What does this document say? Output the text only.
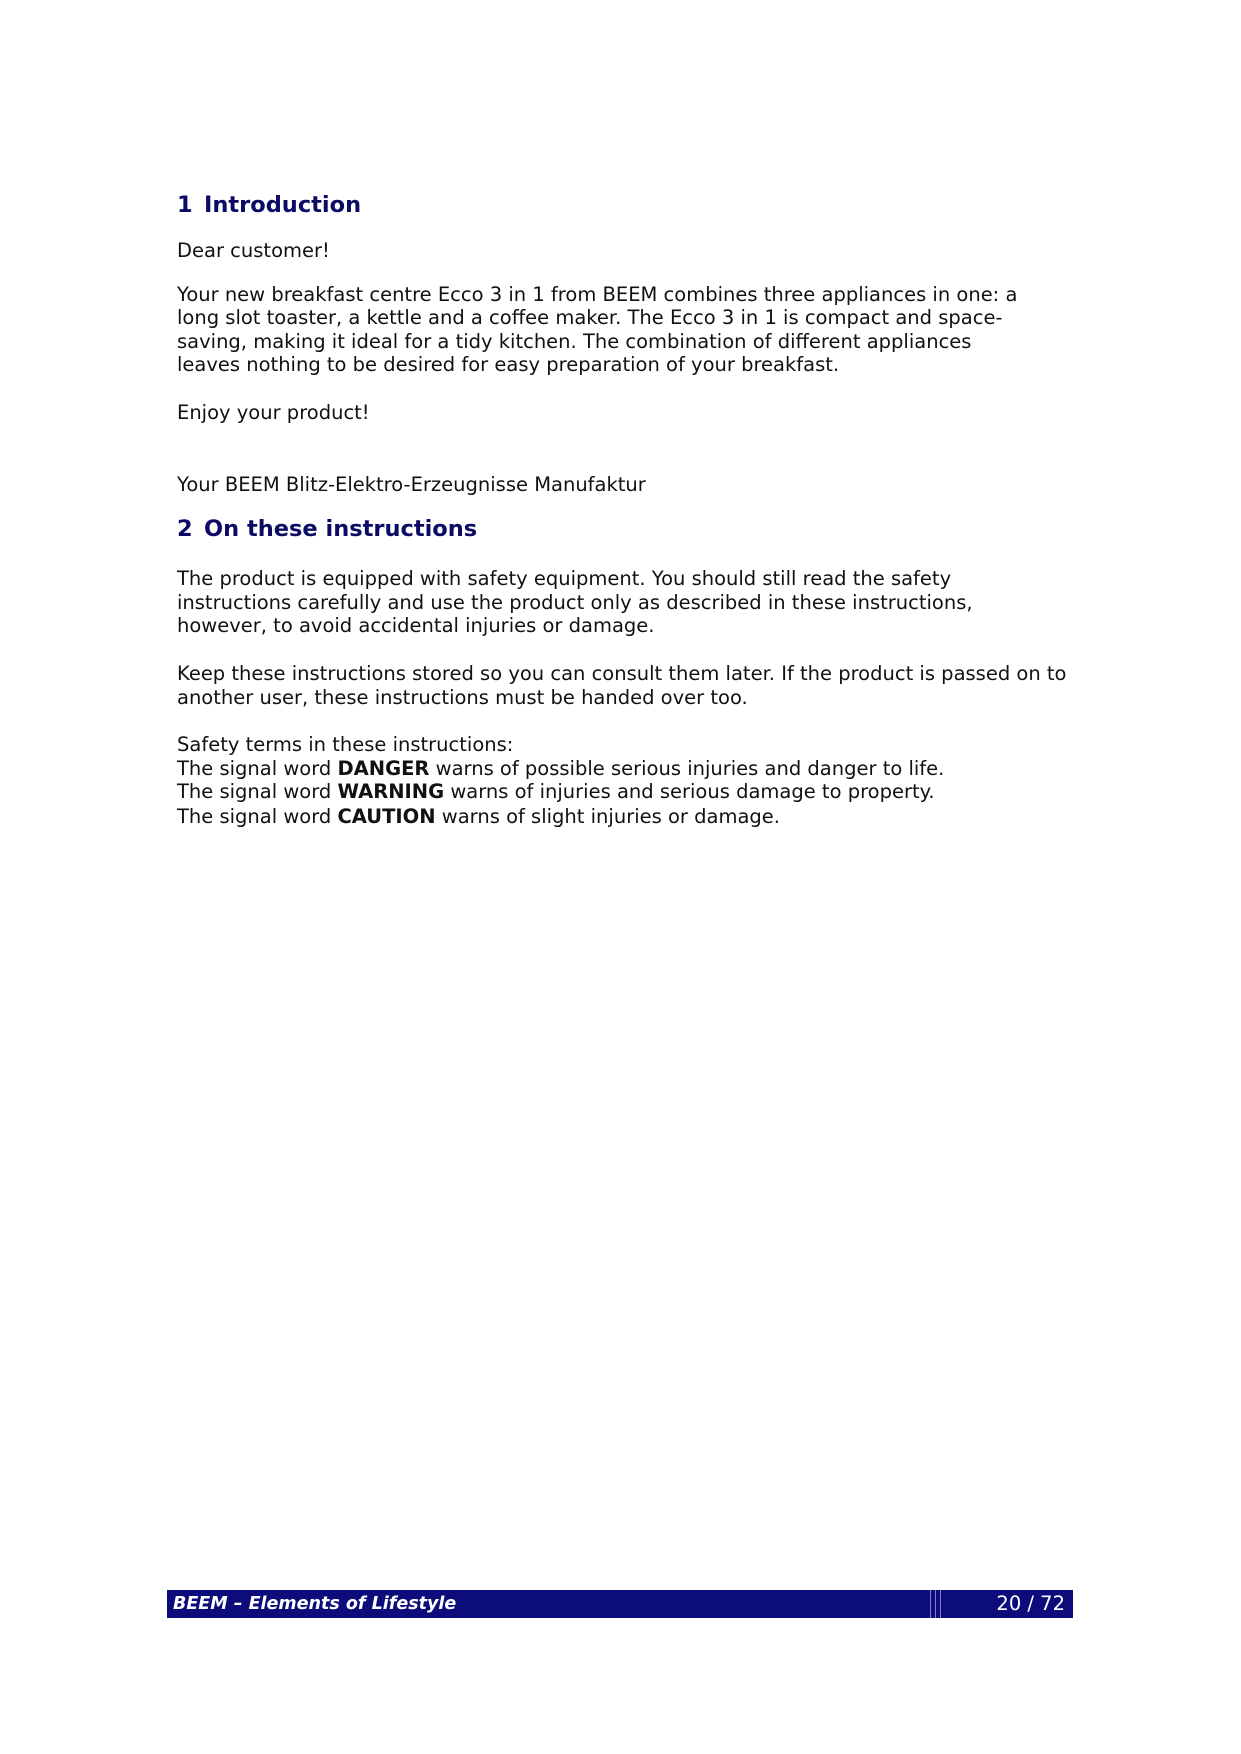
1 Introduction

Dear customer!

Your new breakfast centre Ecco 3 in 1 from BEEM combines three appliances in one: a long slot toaster, a kettle and a coffee maker. The Ecco 3 in 1 is compact and space-saving, making it ideal for a tidy kitchen. The combination of different appliances leaves nothing to be desired for easy preparation of your breakfast.

Enjoy your product!

Your BEEM Blitz-Elektro-Erzeugnisse Manufaktur

2 On these instructions

The product is equipped with safety equipment. You should still read the safety instructions carefully and use the product only as described in these instructions, however, to avoid accidental injuries or damage.

Keep these instructions stored so you can consult them later. If the product is passed on to another user, these instructions must be handed over too.

Safety terms in these instructions:

The signal word DANGER warns of possible serious injuries and danger to life.

The signal word WARNING warns of injuries and serious damage to property.

The signal word CAUTION warns of slight injuries or damage.

BEEM – Elements of Lifestyle	20 / 72
